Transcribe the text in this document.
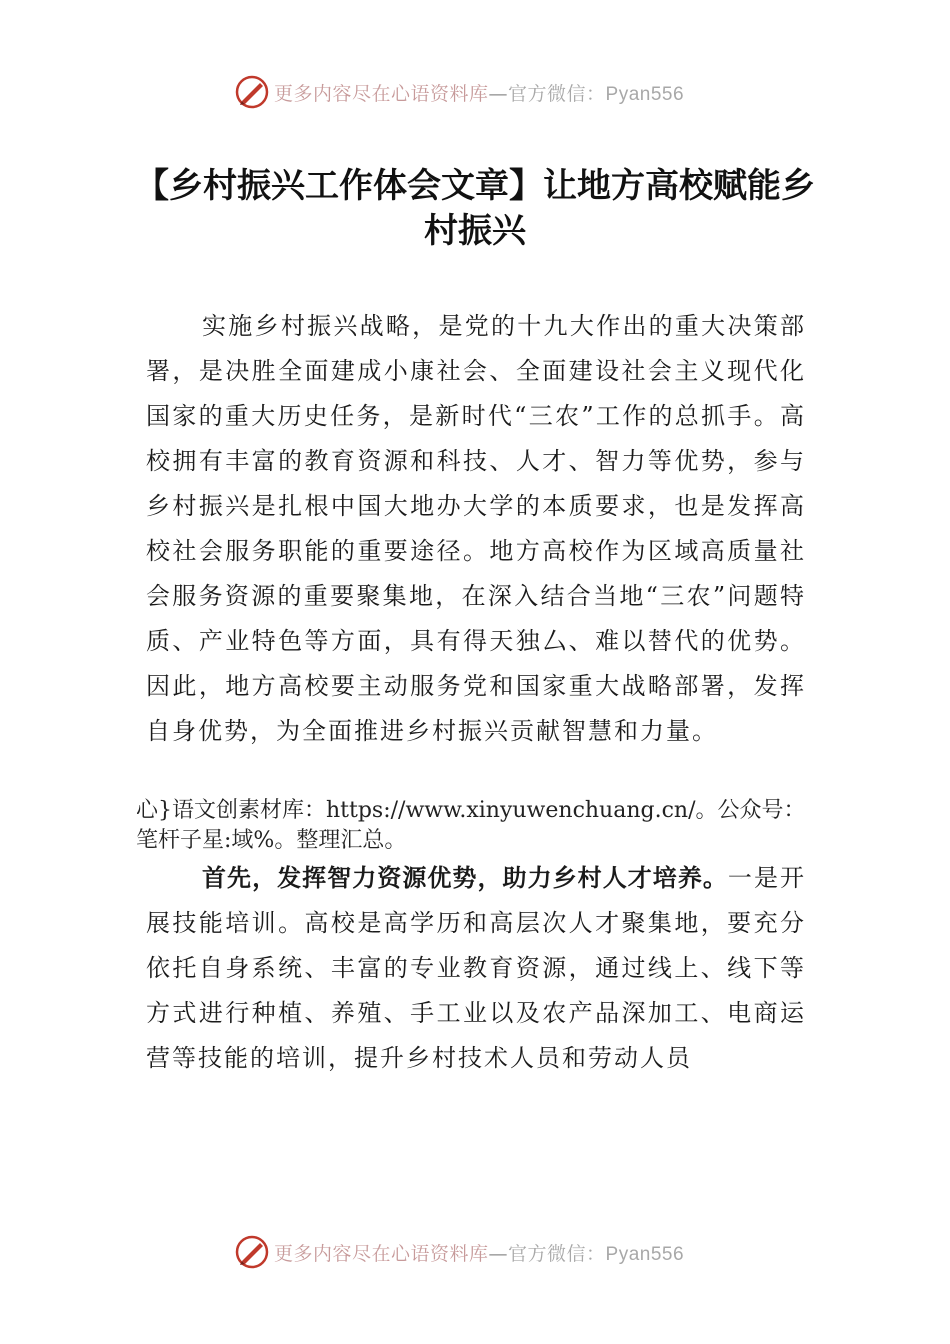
更多内容尽在心语资料库—官方微信：Pyan556
【乡村振兴工作体会文章】让地方高校赋能乡村振兴

实施乡村振兴战略，是党的十九大作出的重大决策部署，是决胜全面建成小康社会、全面建设社会主义现代化国家的重大历史任务，是新时代“三农”工作的总抓手。高校拥有丰富的教育资源和科技、人才、智力等优势，参与乡村振兴是扎根中国大地办大学的本质要求，也是发挥高校社会服务职能的重要途径。地方高校作为区域高质量社会服务资源的重要聚集地，在深入结合当地“三农”问题特质、产业特色等方面，具有得天独厶、难以替代的优势。因此，地方高校要主动服务党和国家重大战略部署，发挥自身优势，为全面推进乡村振兴贡献智慧和力量。

心}语文创素材库：https://www.xinyuwenchuang.cn/。公众号：笔杆子星:域%。整理汇总。

首先，发挥智力资源优势，助力乡村人才培养。一是开展技能培训。高校是高学历和高层次人才聚集地，要充分依托自身系统、丰富的专业教育资源，通过线上、线下等方式进行种植、养殖、手工业以及农产品深加工、电商运营等技能的培训，提升乡村技术人员和劳动人员

更多内容尽在心语资料库—官方微信：Pyan556
